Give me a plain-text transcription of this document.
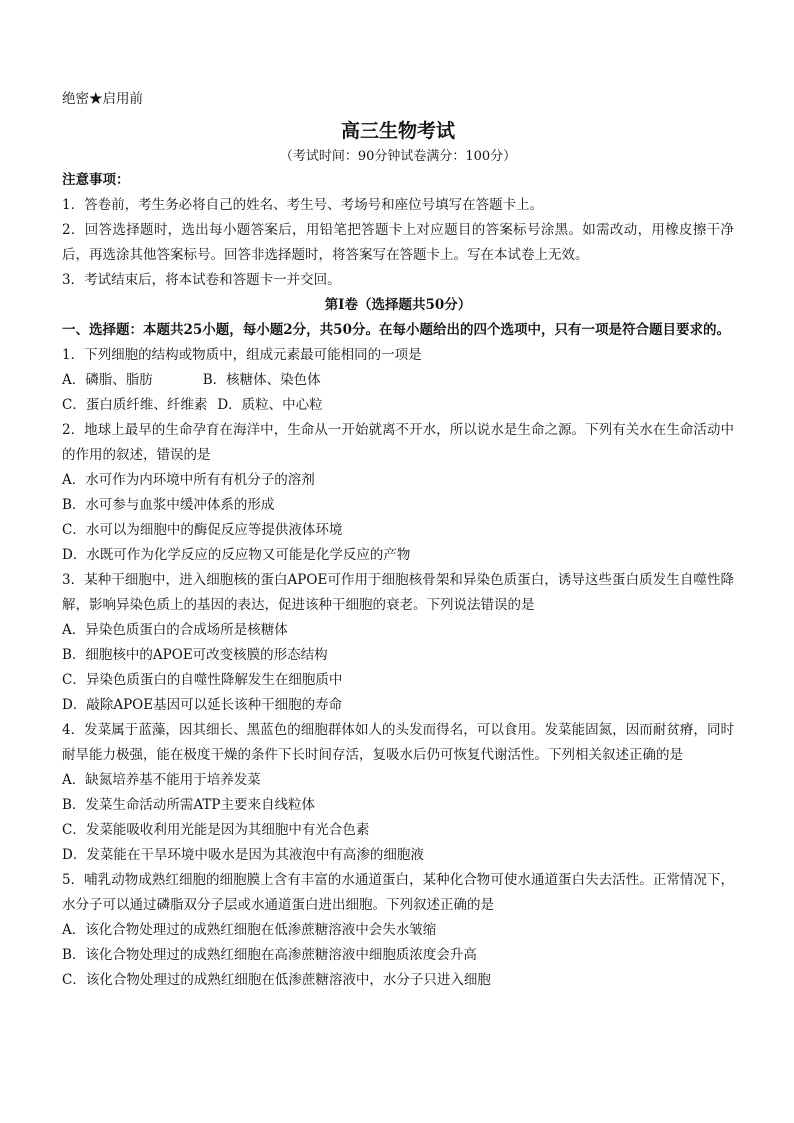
绝密★启用前
高三生物考试
（考试时间：90分钟试卷满分：100分）
注意事项：
1．答卷前，考生务必将自己的姓名、考生号、考场号和座位号填写在答题卡上。
2．回答选择题时，选出每小题答案后，用铅笔把答题卡上对应题目的答案标号涂黑。如需改动，用橡皮擦干净后，再选涂其他答案标号。回答非选择题时，将答案写在答题卡上。写在本试卷上无效。
3．考试结束后，将本试卷和答题卡一并交回。
第Ⅰ卷（选择题共50分）
一、选择题：本题共25小题，每小题2分，共50分。在每小题给出的四个选项中，只有一项是符合题目要求的。
1．下列细胞的结构或物质中，组成元素最可能相同的一项是
A．磷脂、脂肪	B．核糖体、染色体
C．蛋白质纤维、纤维素 D．质粒、中心粒
2．地球上最早的生命孕育在海洋中，生命从一开始就离不开水，所以说水是生命之源。下列有关水在生命活动中的作用的叙述，错误的是
A．水可作为内环境中所有有机分子的溶剂
B．水可参与血浆中缓冲体系的形成
C．水可以为细胞中的酶促反应等提供液体环境
D．水既可作为化学反应的反应物又可能是化学反应的产物
3．某种干细胞中，进入细胞核的蛋白APOE可作用于细胞核骨架和异染色质蛋白，诱导这些蛋白质发生自噬性降解，影响异染色质上的基因的表达，促进该种干细胞的衰老。下列说法错误的是
A．异染色质蛋白的合成场所是核糖体
B．细胞核中的APOE可改变核膜的形态结构
C．异染色质蛋白的自噬性降解发生在细胞质中
D．敲除APOE基因可以延长该种干细胞的寿命
4．发菜属于蓝藻，因其细长、黑蓝色的细胞群体如人的头发而得名，可以食用。发菜能固氮，因而耐贫瘠，同时耐旱能力极强，能在极度干燥的条件下长时间存活，复吸水后仍可恢复代谢活性。下列相关叙述正确的是
A．缺氮培养基不能用于培养发菜
B．发菜生命活动所需ATP主要来自线粒体
C．发菜能吸收利用光能是因为其细胞中有光合色素
D．发菜能在干旱环境中吸水是因为其液泡中有高渗的细胞液
5．哺乳动物成熟红细胞的细胞膜上含有丰富的水通道蛋白，某种化合物可使水通道蛋白失去活性。正常情况下，水分子可以通过磷脂双分子层或水通道蛋白进出细胞。下列叙述正确的是
A．该化合物处理过的成熟红细胞在低渗蔗糖溶液中会失水皱缩
B．该化合物处理过的成熟红细胞在高渗蔗糖溶液中细胞质浓度会升高
C．该化合物处理过的成熟红细胞在低渗蔗糖溶液中，水分子只进入细胞
